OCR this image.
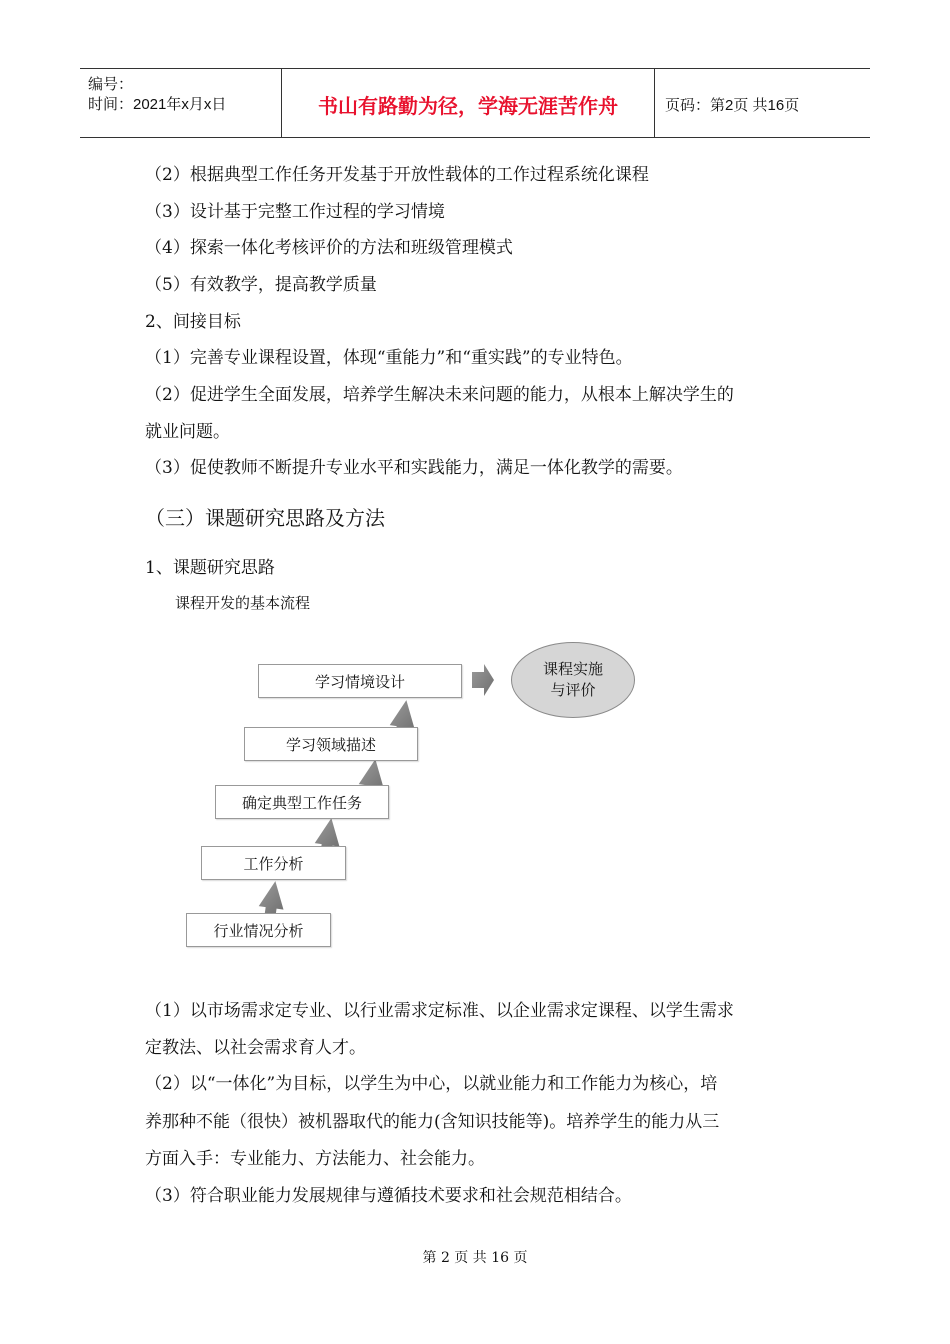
编号：
时间：2021年x月x日	书山有路勤为径，学海无涯苦作舟	页码：第2页 共16页
（2）根据典型工作任务开发基于开放性载体的工作过程系统化课程
（3）设计基于完整工作过程的学习情境
（4）探索一体化考核评价的方法和班级管理模式
（5）有效教学，提高教学质量
2、间接目标
（1）完善专业课程设置，体现“重能力”和“重实践”的专业特色。
（2）促进学生全面发展，培养学生解决未来问题的能力，从根本上解决学生的
就业问题。
（3）促使教师不断提升专业水平和实践能力，满足一体化教学的需要。
（三）课题研究思路及方法
1、课题研究思路
课程开发的基本流程
学习情境设计
学习领域描述
确定典型工作任务
工作分析
行业情况分析
课程实施
与评价
（1）以市场需求定专业、以行业需求定标准、以企业需求定课程、以学生需求
定教法、以社会需求育人才。
（2）以“一体化”为目标，以学生为中心，以就业能力和工作能力为核心，培
养那种不能（很快）被机器取代的能力(含知识技能等)。培养学生的能力从三
方面入手：专业能力、方法能力、社会能力。
（3）符合职业能力发展规律与遵循技术要求和社会规范相结合。
第 2 页 共 16 页
